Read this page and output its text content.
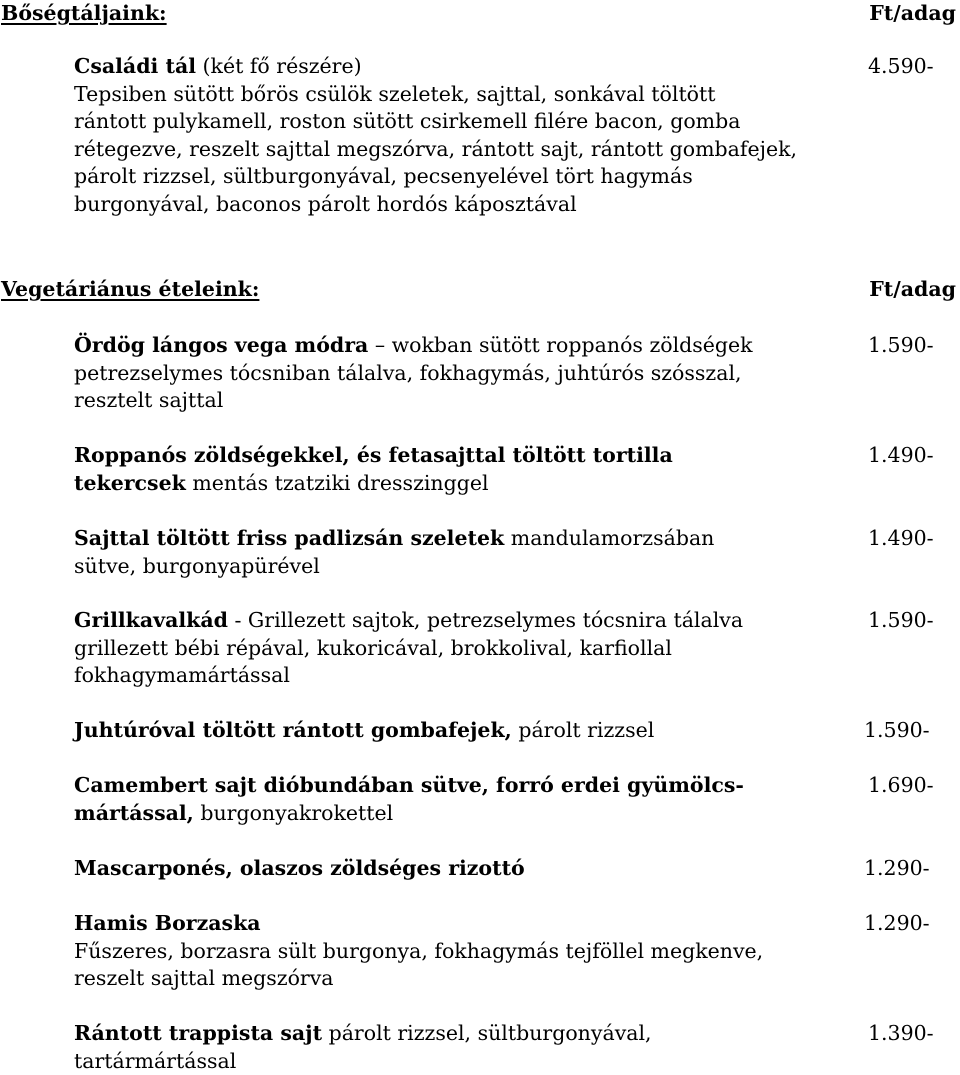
Bőségtáljaink:	Ft/adag
Családi tál (két fő részére)
Tepsiben sütött bőrös csülök szeletek, sajttal, sonkával töltött
rántott pulykamell, roston sütött csirkemell filére bacon, gomba
rétegezve, reszelt sajttal megszórva, rántott sajt, rántott gombafejek,
párolt rizzsel, sültburgonyával, pecsenyelével tört hagymás
burgonyával, baconos párolt hordós káposztával
4.590-
Vegetáriánus ételeink:	Ft/adag
Ördög lángos vega módra – wokban sütött roppanós zöldségek
petrezselymes tócsniban tálalva, fokhagymás, juhtúrós szósszal,
resztelt sajttal
1.590-
Roppanós zöldségekkel, és fetasajttal töltött tortilla
tekercsek mentás tzatziki dresszinggel
1.490-
Sajttal töltött friss padlizsán szeletek mandulamorzsában
sütve, burgonyapürével
1.490-
Grillkavalkád - Grillezett sajtok, petrezselymes tócsnira tálalva
grillezett bébi répával, kukoricával, brokkolival, karfiollal
fokhagymamártással
1.590-
Juhtúróval töltött rántott gombafejek, párolt rizzsel	1.590-
Camembert sajt dióbundában sütve, forró erdei gyümölcs-
mártással, burgonyakrokettel
1.690-
Mascarponés, olaszos zöldséges rizottó	1.290-
Hamis Borzaska
Fűszeres, borzasra sült burgonya, fokhagymás tejföllel megkenve,
reszelt sajttal megszórva
1.290-
Rántott trappista sajt párolt rizzsel, sültburgonyával,
tartármártással
1.390-
